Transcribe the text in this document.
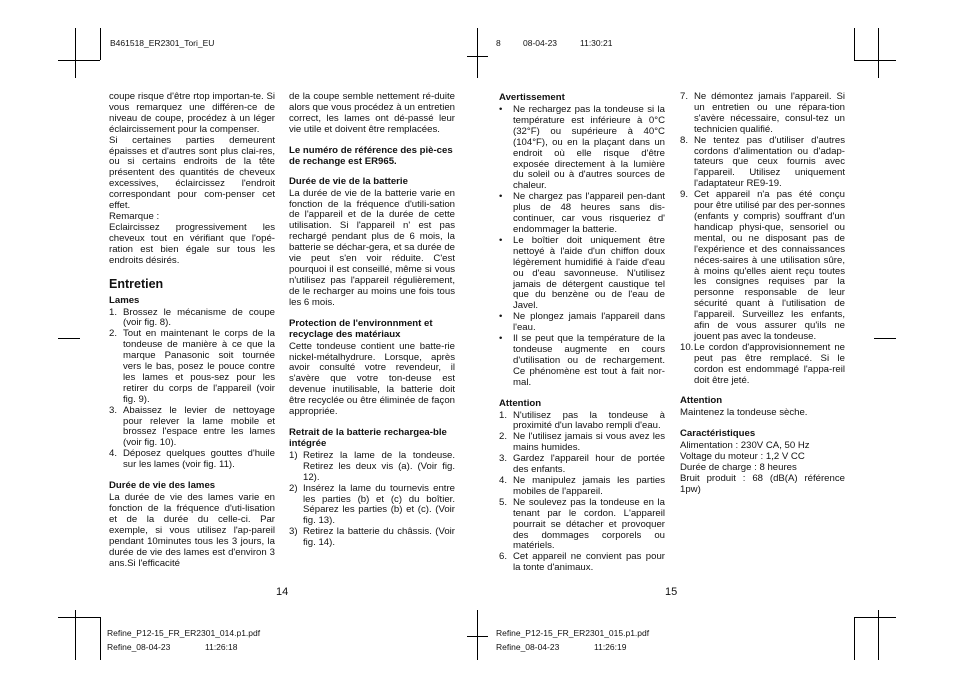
B461518_ER2301_Tori_EU	8	08-04-23	11:30:21

coupe risque d'être rtop importan-te. Si vous remarquez une différen-ce de niveau de coupe, procédez à un léger éclaircissement pour la compenser.

Si certaines parties demeurent épaisses et d'autres sont plus clai-res, ou si certains endroits de la tête présentent des quantités de cheveux excessives, éclaircissez l'endroit correspondant pour com-penser cet effet.

Remarque :

Eclaircissez progressivement les cheveux tout en vérifiant que l'opé-ration est bien égale sur tous les endroits désirés.

Entretien
Lames
1. Brossez le mécanisme de coupe (voir fig. 8).
2. Tout en maintenant le corps de la tondeuse de manière à ce que la marque Panasonic soit tournée vers le bas, posez le pouce contre les lames et pous-sez pour les retirer du corps de l'appareil (voir fig. 9).
3. Abaissez le levier de nettoyage pour relever la lame mobile et brossez l'espace entre les lames (voir fig. 10).
4. Déposez quelques gouttes d'huile sur les lames (voir fig. 11).
Durée de vie des lames

La durée de vie des lames varie en fonction de la fréquence d'uti-lisation et de la durée du celle-ci. Par exemple, si vous utilisez l'ap-pareil pendant 10minutes tous les 3 jours, la durée de vie des lames est d'environ 3 ans.Si l'efficacité

de la coupe semble nettement ré-duite alors que vous procédez à un entretien correct, les lames ont dé-passé leur vie utile et doivent être remplacées.

Le numéro de référence des piè-ces de rechange est ER965.
Durée de vie de la batterie

La durée de vie de la batterie varie en fonction de la fréquence d'utili-sation de l'appareil et de la durée de cette utilisation. Si l'appareil n' est pas rechargé pendant plus de 6 mois, la batterie se déchar-gera, et sa durée de vie peut s'en voir réduite. C'est pourquoi il est conseillé, même si vous n'utilisez pas l'appareil régulièrement, de le recharger au moins une fois tous les 6 mois.

Protection de l'environnment et recyclage des matériaux

Cette tondeuse contient une batte-rie nickel-métalhydrure. Lorsque, après avoir consulté votre revendeur, il s'avère que votre ton-deuse est devenue inutilisable, la batterie doit être recyclée ou être éliminée de façon appropriée.

Retrait de la batterie rechargea-ble intégrée
1) Retirez la lame de la tondeuse. Retirez les deux vis (a). (Voir fig. 12).
2) Insérez la lame du tournevis entre les parties (b) et (c) du boîtier. Séparez les parties (b) et (c). (Voir fig. 13).
3) Retirez la batterie du châssis. (Voir fig. 14).
Avertissement
• Ne rechargez pas la tondeuse si la température est inférieure à 0°C (32°F) ou supérieure à 40°C (104°F), ou en la plaçant dans un endroit où elle risque d'être exposée directement à la lumière du soleil ou à d'autres sources de chaleur.
• Ne chargez pas l'appareil pen-dant plus de 48 heures sans dis-continuer, car vous risqueriez d' endommager la batterie.
• Le boîtier doit uniquement être nettoyé à l'aide d'un chiffon doux légèrement humidifié à l'aide d'eau ou d'eau savonneuse. N'utilisez jamais de détergent caustique tel que du benzène ou de l'eau de Javel.
• Ne plongez jamais l'appareil dans l'eau.
• Il se peut que la température de la tondeuse augmente en cours d'utilisation ou de rechargement. Ce phénomène est tout à fait nor-mal.
Attention
1. N'utilisez pas la tondeuse à proximité d'un lavabo rempli d'eau.
2. Ne l'utilisez jamais si vous avez les mains humides.
3. Gardez l'appareil hour de portée des enfants.
4. Ne manipulez jamais les parties mobiles de l'appareil.
5. Ne soulevez pas la tondeuse en la tenant par le cordon. L'appareil pourrait se détacher et provoquer des dommages corporels ou matériels.
6. Cet appareil ne convient pas pour la tonte d'animaux.
7. Ne démontez jamais l'appareil. Si un entretien ou une répara-tion s'avère nécessaire, consul-tez un technicien qualifié.
8. Ne tentez pas d'utiliser d'autres cordons d'alimentation ou d'adap-tateurs que ceux fournis avec l'appareil. Utilisez uniquement l'adaptateur RE9-19.
9. Cet appareil n'a pas été conçu pour être utilisé par des per-sonnes (enfants y compris) souffrant d'un handicap physi-que, sensoriel ou mental, ou ne disposant pas de l'expérience et des connaissances néces-saires à une utilisation sûre, à moins qu'elles aient reçu toutes les consignes requises par la personne responsable de leur sécurité quant à l'utilisation de l'appareil. Surveillez les enfants, afin de vous assurer qu'ils ne jouent pas avec la tondeuse.
10. Le cordon d'approvisionnement ne peut pas être remplacé. Si le cordon est endommagé l'appa-reil doit être jeté.
Attention

Maintenez la tondeuse sèche.

Caractéristiques

Alimentation : 230V CA, 50 Hz

Voltage du moteur : 1,2 V CC

Durée de charge : 8 heures

Bruit produit : 68 (dB(A) référence 1pw)

14	15
Refine_P12-15_FR_ER2301_014.p1.pdf
Refine_08-04-23	11:26:18
Refine_P12-15_FR_ER2301_015.p1.pdf
Refine_08-04-23	11:26:19
